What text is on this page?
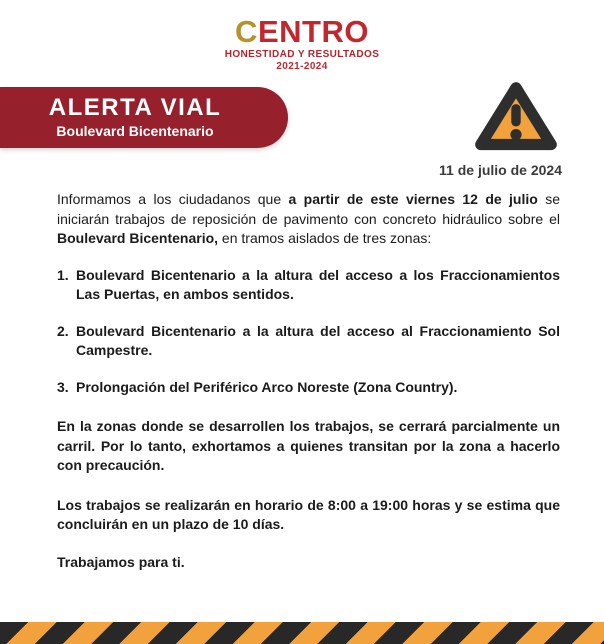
CENTRO
HONESTIDAD Y RESULTADOS
2021-2024
ALERTA VIAL
Boulevard Bicentenario
11 de julio de 2024

Informamos a los ciudadanos que a partir de este viernes 12 de julio se iniciarán trabajos de reposición de pavimento con concreto hidráulico sobre el Boulevard Bicentenario, en tramos aislados de tres zonas:

1. Boulevard Bicentenario a la altura del acceso a los Fraccionamientos Las Puertas, en ambos sentidos.
2. Boulevard Bicentenario a la altura del acceso al Fraccionamiento Sol Campestre.
3. Prolongación del Periférico Arco Noreste (Zona Country).

En la zonas donde se desarrollen los trabajos, se cerrará parcialmente un carril. Por lo tanto, exhortamos a quienes transitan por la zona a hacerlo con precaución.

Los trabajos se realizarán en horario de 8:00 a 19:00 horas y se estima que concluirán en un plazo de 10 días.

Trabajamos para ti.
